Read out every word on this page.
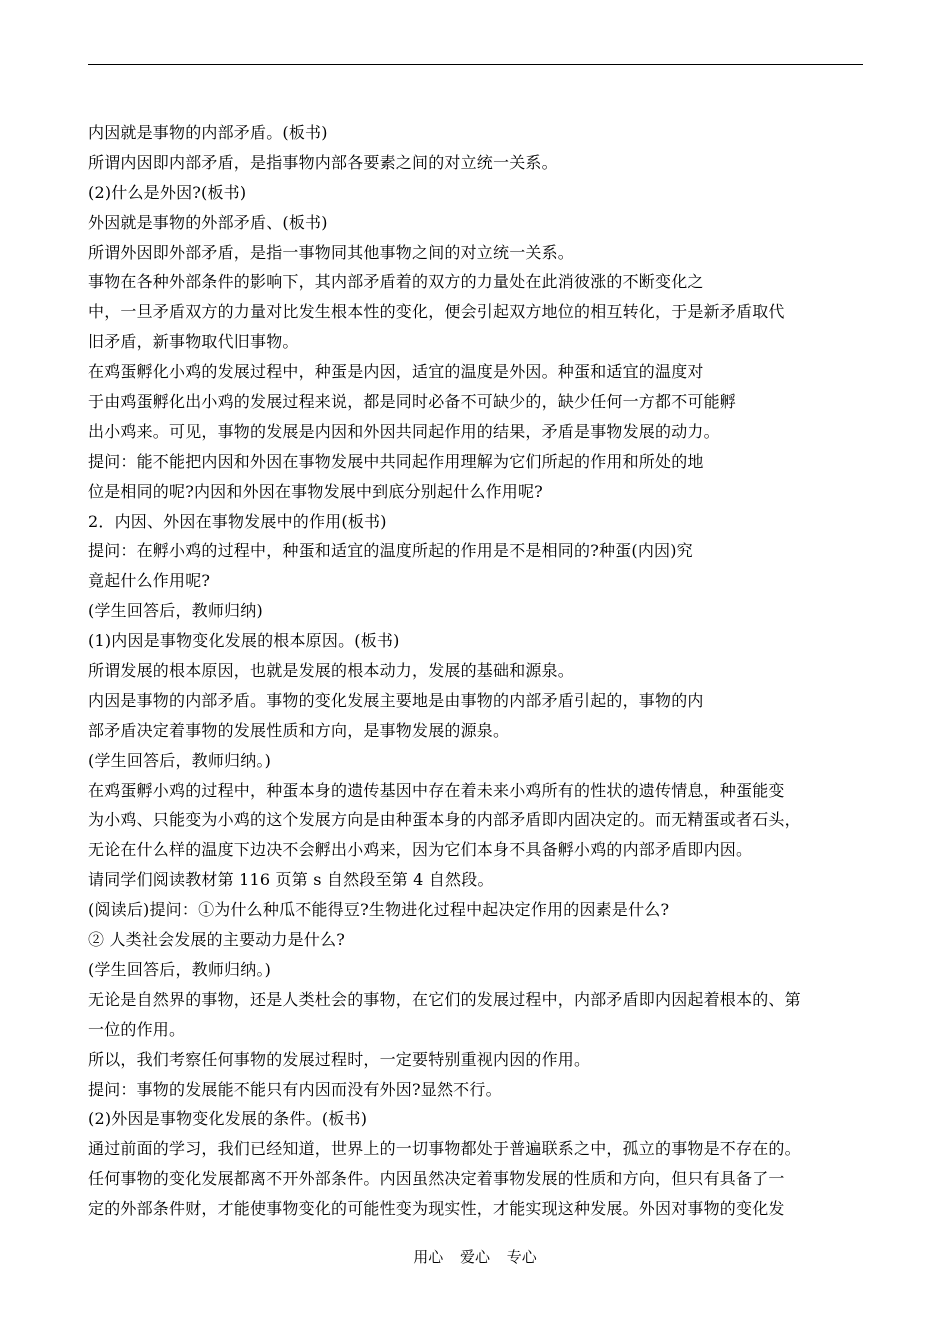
内因就是事物的内部矛盾。(板书)
所谓内因即内部矛盾，是指事物内部各要素之间的对立统一关系。
(2)什么是外因?(板书)
外因就是事物的外部矛盾、(板书)
所谓外因即外部矛盾，是指一事物同其他事物之间的对立统一关系。
事物在各种外部条件的影响下，其内部矛盾着的双方的力量处在此消彼涨的不断变化之
中，一旦矛盾双方的力量对比发生根本性的变化，便会引起双方地位的相互转化，于是新矛盾取代
旧矛盾，新事物取代旧事物。
在鸡蛋孵化小鸡的发展过程中，种蛋是内因，适宜的温度是外因。种蛋和适宜的温度对
于由鸡蛋孵化出小鸡的发展过程来说，都是同时必备不可缺少的，缺少任何一方都不可能孵
出小鸡来。可见，事物的发展是内因和外因共同起作用的结果，矛盾是事物发展的动力。
提问：能不能把内因和外因在事物发展中共同起作用理解为它们所起的作用和所处的地
位是相同的呢?内因和外因在事物发展中到底分别起什么作用呢?
2．内因、外因在事物发展中的作用(板书)
提问：在孵小鸡的过程中，种蛋和适宜的温度所起的作用是不是相同的?种蛋(内因)究
竟起什么作用呢?
(学生回答后，教师归纳)
(1)内因是事物变化发展的根本原因。(板书)
所谓发展的根本原因，也就是发展的根本动力，发展的基础和源泉。
内因是事物的内部矛盾。事物的变化发展主要地是由事物的内部矛盾引起的，事物的内
部矛盾决定着事物的发展性质和方向，是事物发展的源泉。
(学生回答后，教师归纳。)
在鸡蛋孵小鸡的过程中，种蛋本身的遗传基因中存在着未来小鸡所有的性状的遗传情息，种蛋能变
为小鸡、只能变为小鸡的这个发展方向是由种蛋本身的内部矛盾即内固决定的。而无精蛋或者石头，
无论在什么样的温度下边决不会孵出小鸡来，因为它们本身不具备孵小鸡的内部矛盾即内因。
请同学们阅读教材第 116 页第 s 自然段至第 4 自然段。
(阅读后)提问：①为什么种瓜不能得豆?生物进化过程中起决定作用的因素是什么?
② 人类社会发展的主要动力是什么?
(学生回答后，教师归纳。)
无论是自然界的事物，还是人类杜会的事物，在它们的发展过程中，内部矛盾即内因起着根本的、第
一位的作用。
所以，我们考察任何事物的发展过程时，一定要特别重视内因的作用。
提问：事物的发展能不能只有内因而没有外因?显然不行。
(2)外因是事物变化发展的条件。(板书)
通过前面的学习，我们已经知道，世界上的一切事物都处于普遍联系之中，孤立的事物是不存在的。
任何事物的变化发展都离不开外部条件。内因虽然决定着事物发展的性质和方向，但只有具备了一
定的外部条件财，才能使事物变化的可能性变为现实性，才能实现这种发展。外因对事物的变化发
用心 爱心 专心
